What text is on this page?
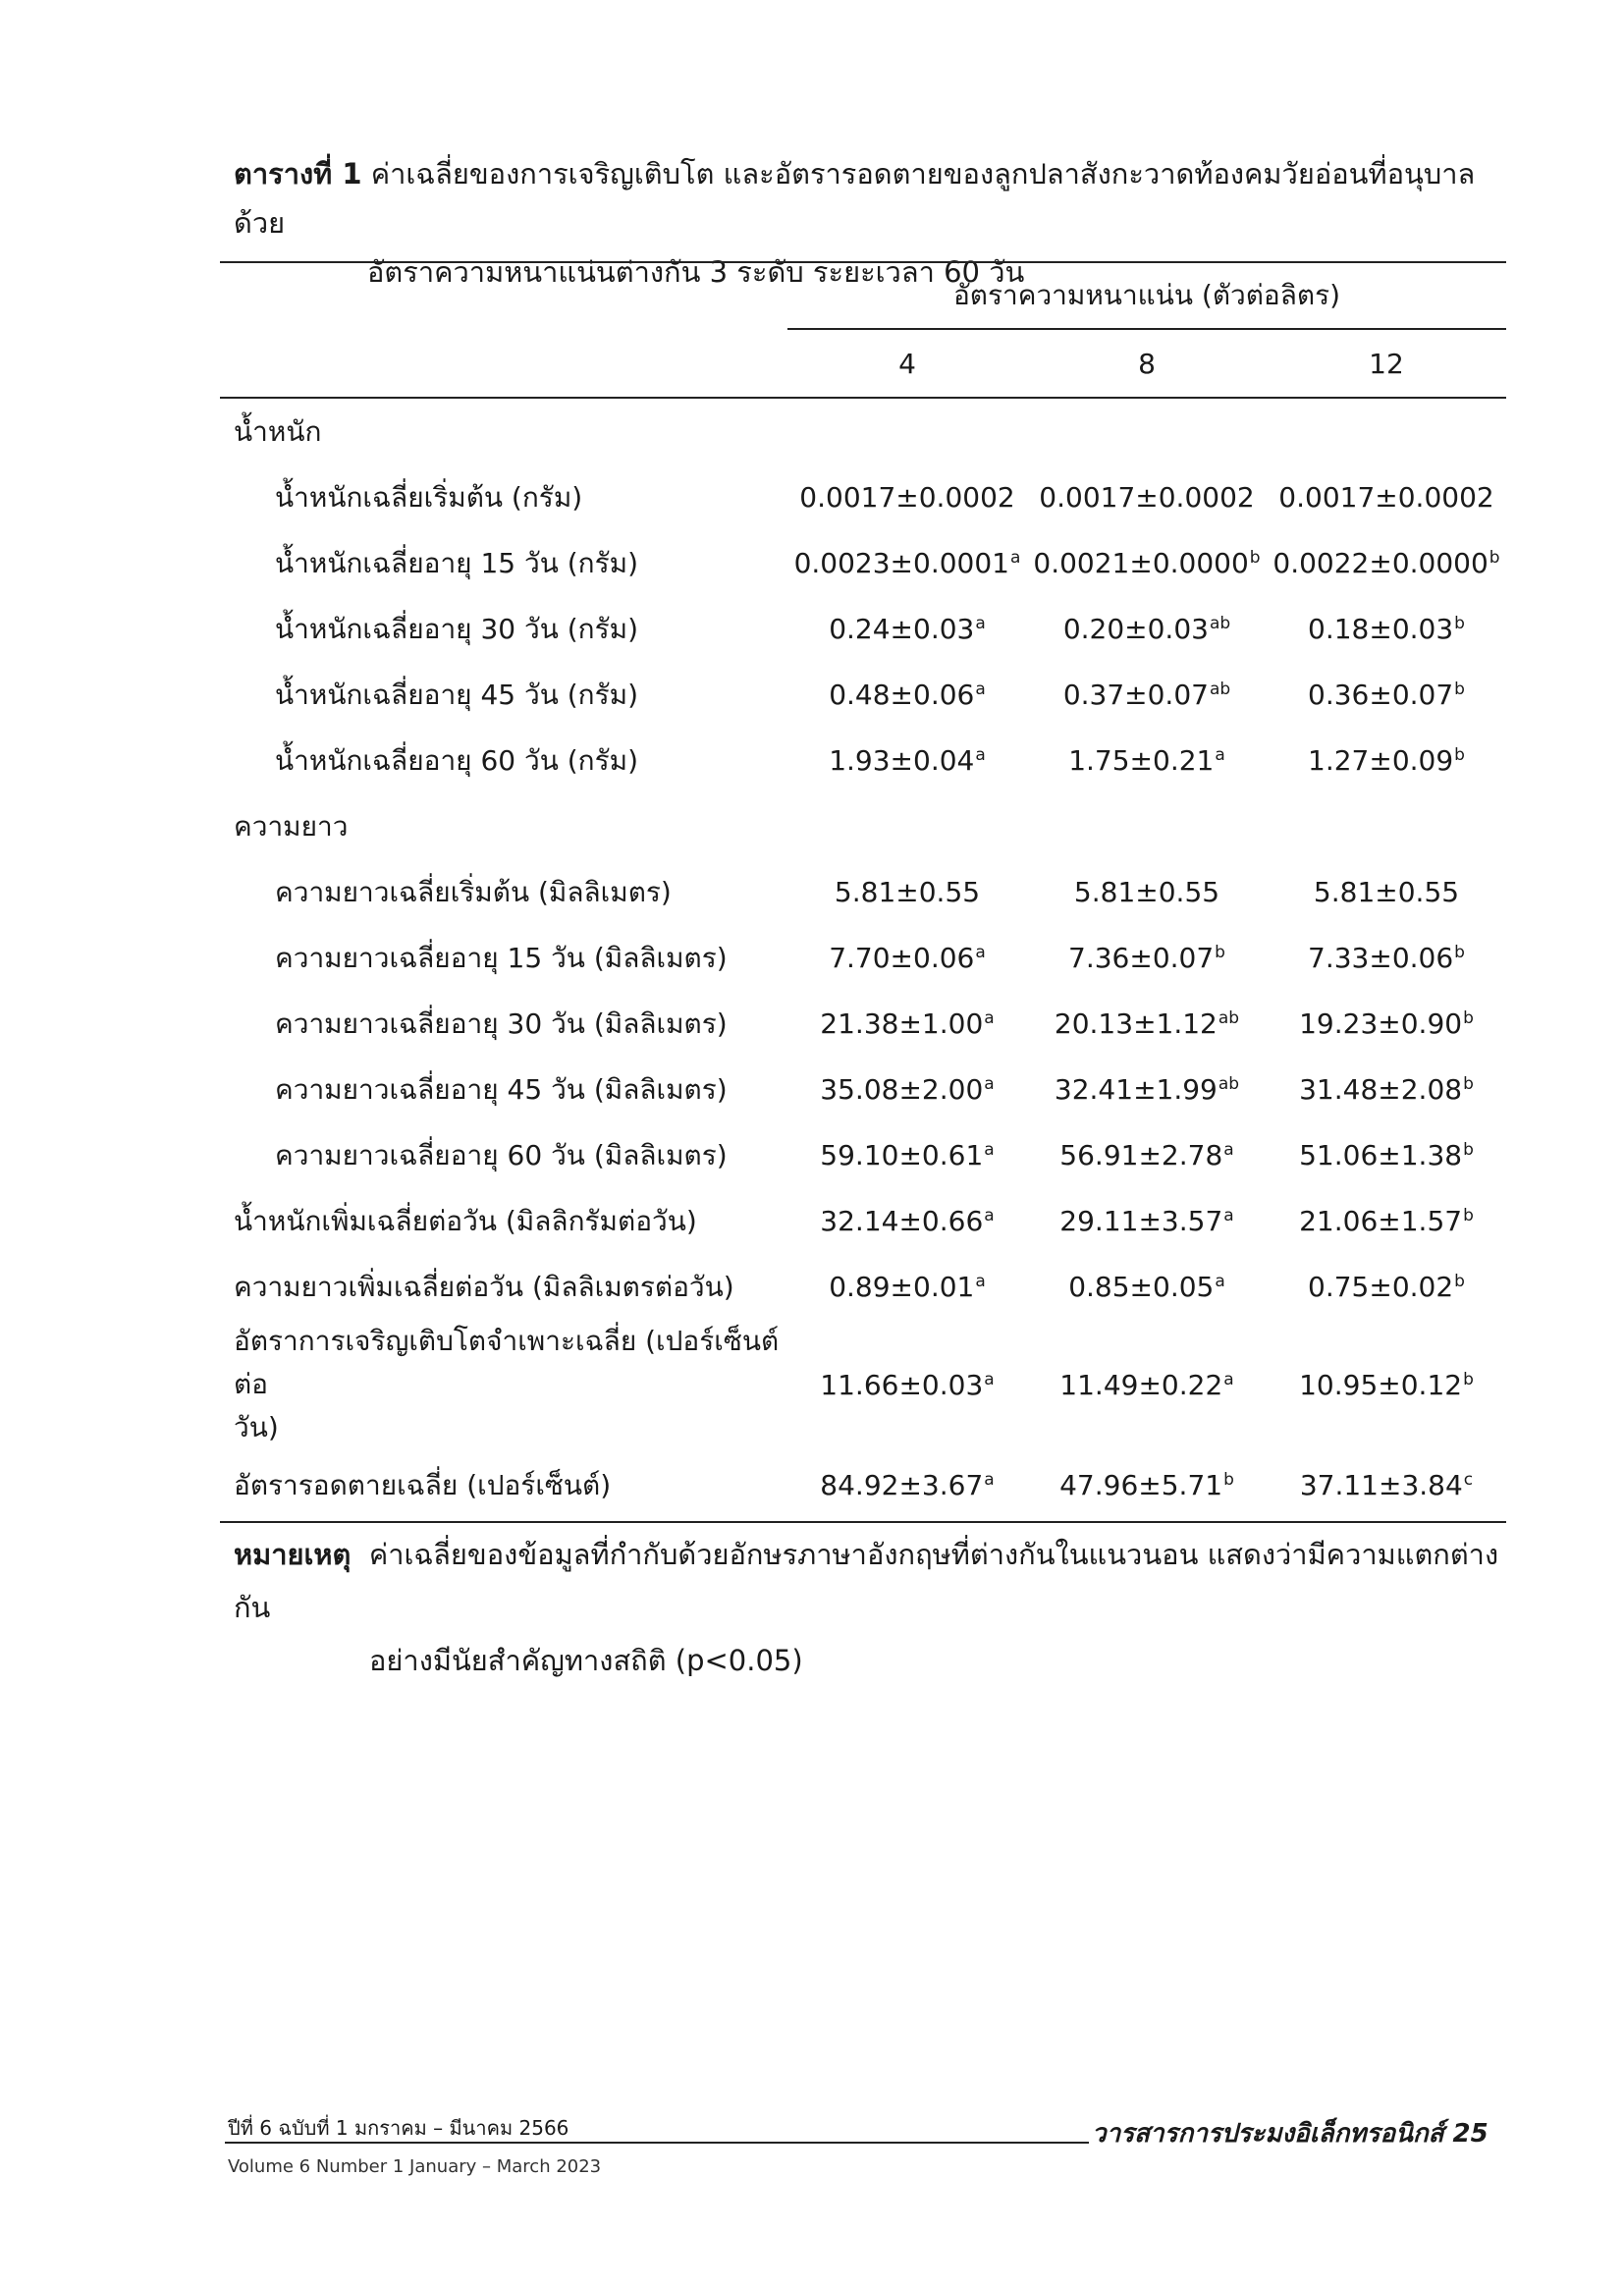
ตารางที่ 1 ค่าเฉลี่ยของการเจริญเติบโต และอัตรารอดตายของลูกปลาสังกะวาดท้องคมวัยอ่อนที่อนุบาลด้วย
อัตราความหนาแน่นต่างกัน 3 ระดับ ระยะเวลา 60 วัน
	อัตราความหนาแน่น (ตัวต่อลิตร)		
	4	8	12
น้ำหนัก			
น้ำหนักเฉลี่ยเริ่มต้น (กรัม)	0.0017±0.0002	0.0017±0.0002	0.0017±0.0002
น้ำหนักเฉลี่ยอายุ 15 วัน (กรัม)	0.0023±0.0001$^a$	0.0021±0.0000$^b$	0.0022±0.0000$^b$
น้ำหนักเฉลี่ยอายุ 30 วัน (กรัม)	0.24±0.03$^a$	0.20±0.03$^{ab}$	0.18±0.03$^b$
น้ำหนักเฉลี่ยอายุ 45 วัน (กรัม)	0.48±0.06$^a$	0.37±0.07$^{ab}$	0.36±0.07$^b$
น้ำหนักเฉลี่ยอายุ 60 วัน (กรัม)	1.93±0.04$^a$	1.75±0.21$^a$	1.27±0.09$^b$
ความยาว			
ความยาวเฉลี่ยเริ่มต้น (มิลลิเมตร)	5.81±0.55	5.81±0.55	5.81±0.55
ความยาวเฉลี่ยอายุ 15 วัน (มิลลิเมตร)	7.70±0.06$^a$	7.36±0.07$^b$	7.33±0.06$^b$
ความยาวเฉลี่ยอายุ 30 วัน (มิลลิเมตร)	21.38±1.00$^a$	20.13±1.12$^{ab}$	19.23±0.90$^b$
ความยาวเฉลี่ยอายุ 45 วัน (มิลลิเมตร)	35.08±2.00$^a$	32.41±1.99$^{ab}$	31.48±2.08$^b$
ความยาวเฉลี่ยอายุ 60 วัน (มิลลิเมตร)	59.10±0.61$^a$	56.91±2.78$^a$	51.06±1.38$^b$
น้ำหนักเพิ่มเฉลี่ยต่อวัน (มิลลิกรัมต่อวัน)	32.14±0.66$^a$	29.11±3.57$^a$	21.06±1.57$^b$
ความยาวเพิ่มเฉลี่ยต่อวัน (มิลลิเมตรต่อวัน)	0.89±0.01$^a$	0.85±0.05$^a$	0.75±0.02$^b$

อัตราการเจริญเติบโตจำเพาะเฉลี่ย (เปอร์เซ็นต์ต่อ
วัน)	11.66±0.03$^a$	11.49±0.22$^a$	10.95±0.12$^b$
อัตรารอดตายเฉลี่ย (เปอร์เซ็นต์)	84.92±3.67$^a$	47.96±5.71$^b$	37.11±3.84$^c$
หมายเหตุ ค่าเฉลี่ยของข้อมูลที่กำกับด้วยอักษรภาษาอังกฤษที่ต่างกันในแนวนอน แสดงว่ามีความแตกต่างกัน
อย่างมีนัยสำคัญทางสถิติ (p<0.05)
ปีที่ 6 ฉบับที่ 1 มกราคม – มีนาคม 2566	วารสารการประมงอิเล็กทรอนิกส์ 25
Volume 6 Number 1 January – March 2023
